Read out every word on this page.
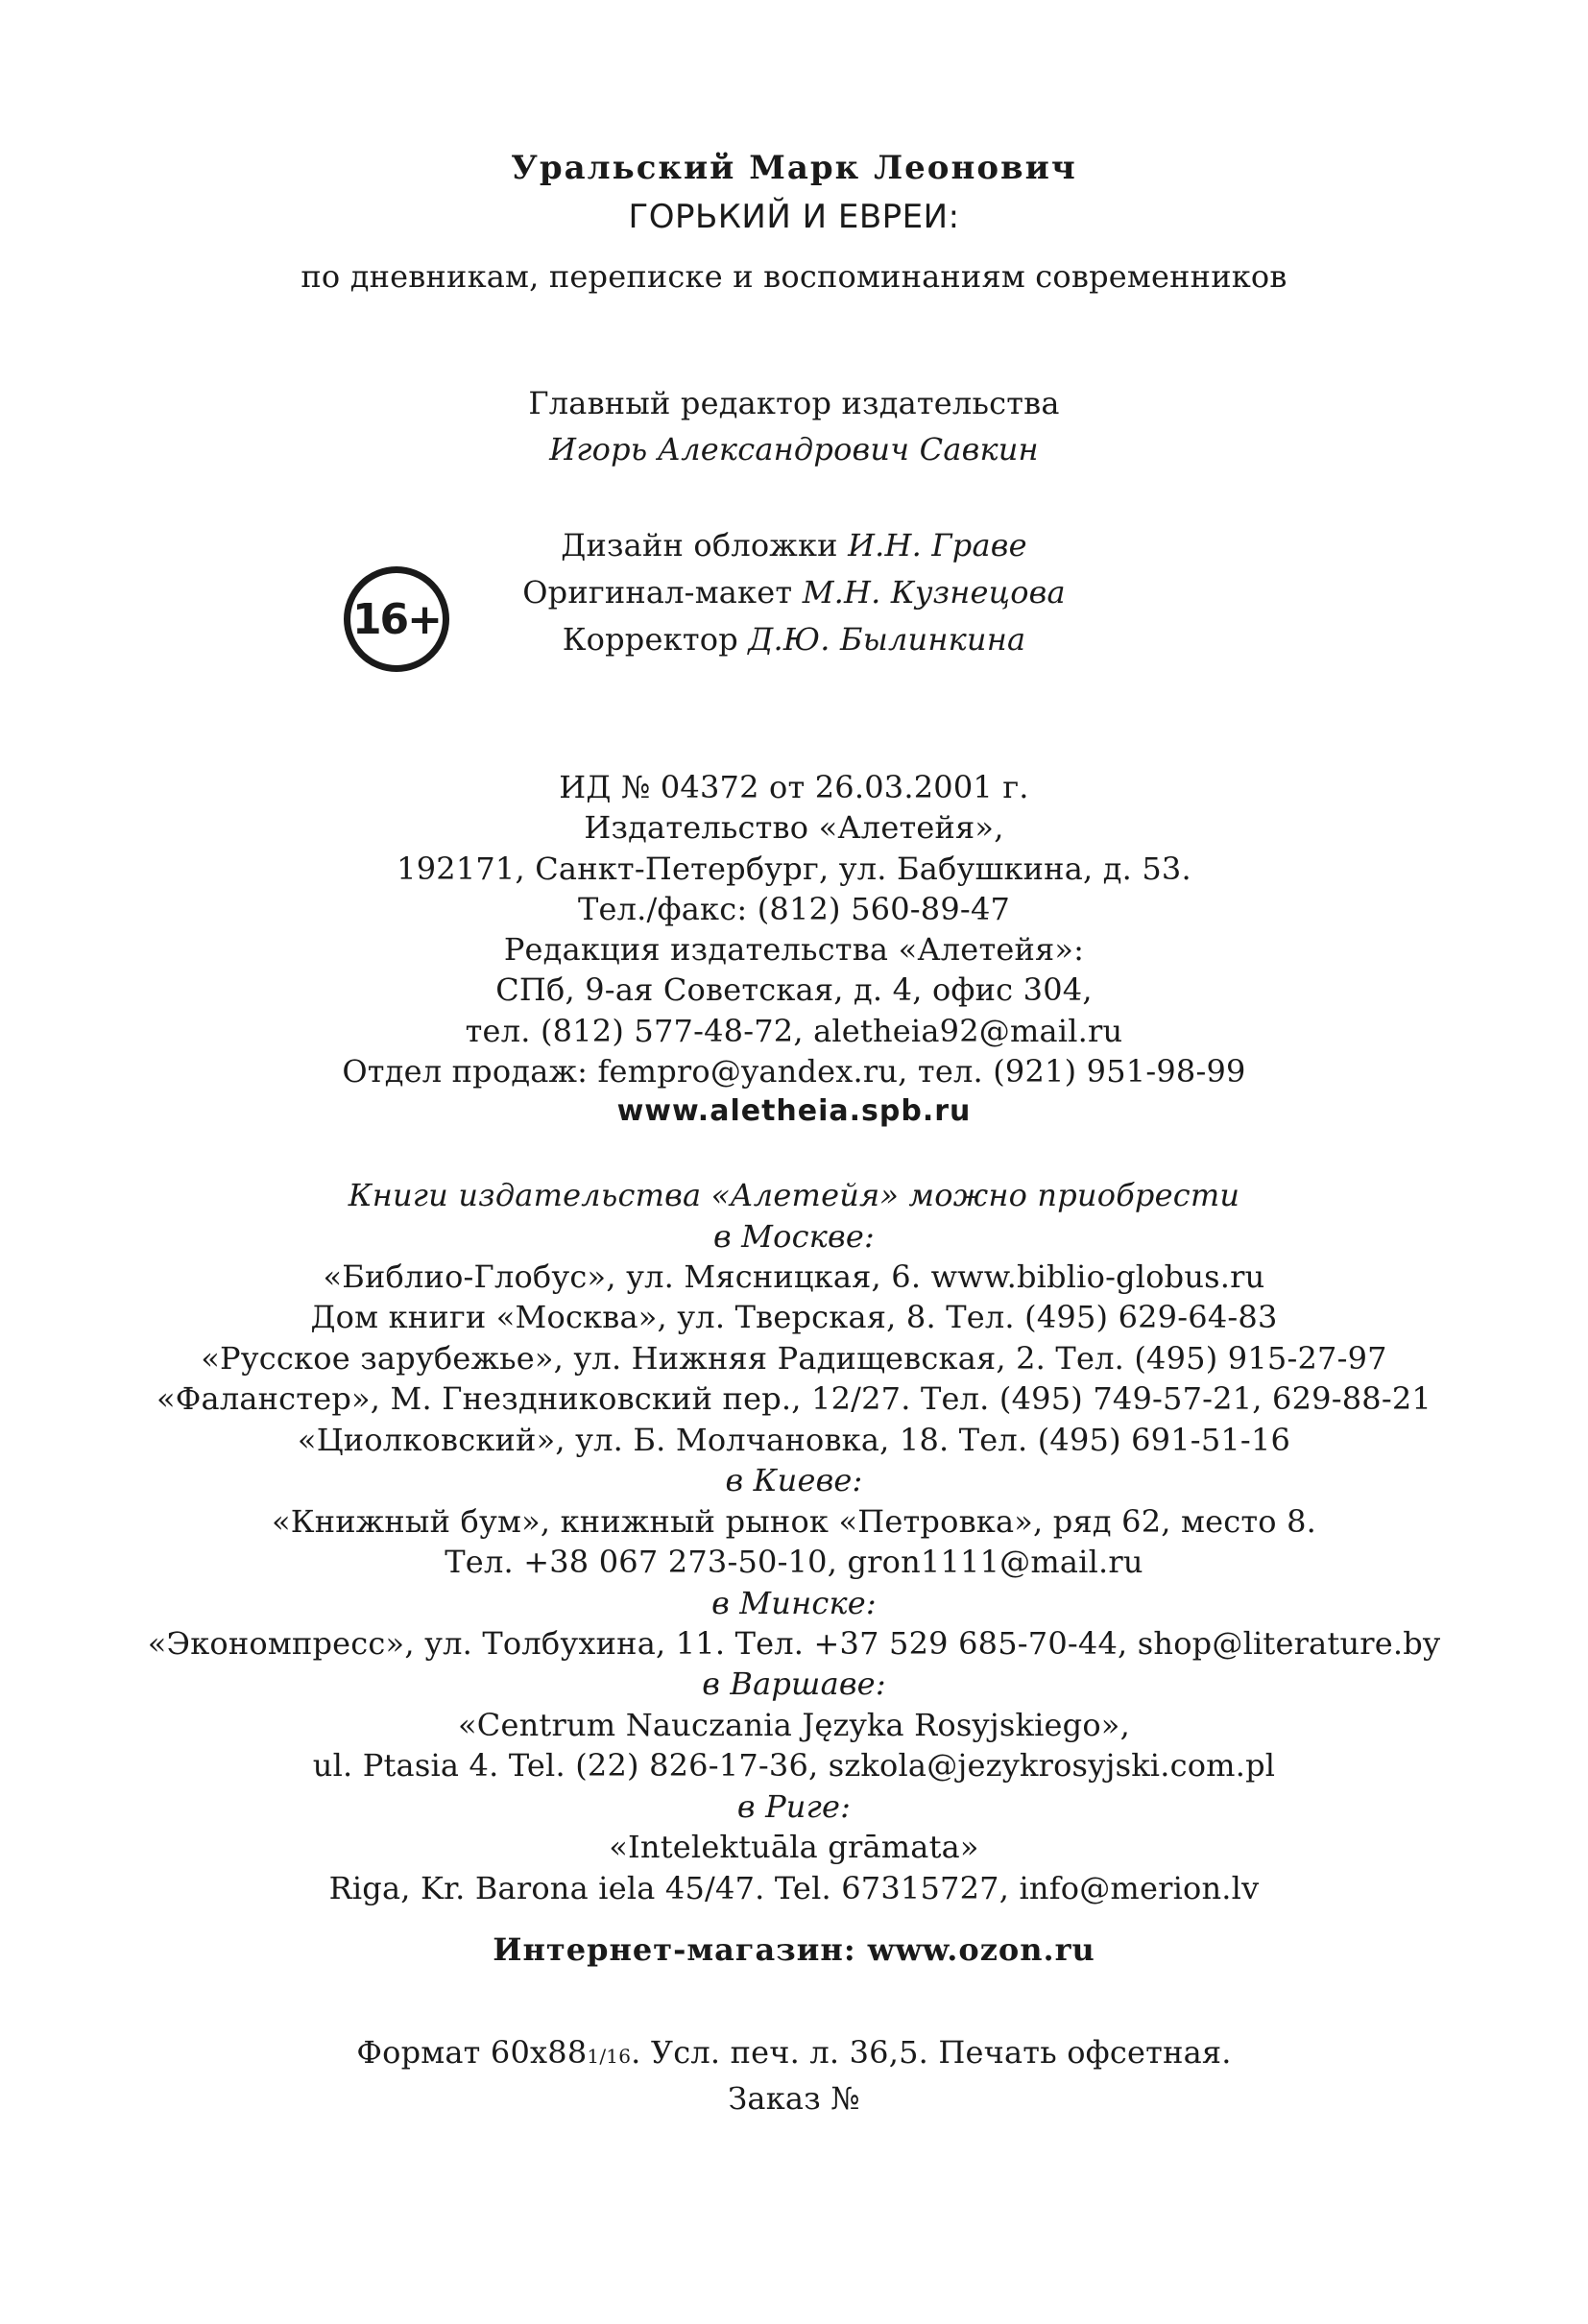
Уральский Марк Леонович
ГОРЬКИЙ И ЕВРЕИ:
по дневникам, переписке и воспоминаниям современников
Главный редактор издательства
Игорь Александрович Савкин
16+
Дизайн обложки И.Н. Граве
Оригинал-макет М.Н. Кузнецова
Корректор Д.Ю. Былинкина
ИД № 04372 от 26.03.2001 г.
Издательство «Алетейя»,
192171, Санкт-Петербург, ул. Бабушкина, д. 53.
Тел./факс: (812) 560-89-47
Редакция издательства «Алетейя»:
СПб, 9-ая Советская, д. 4, офис 304,
тел. (812) 577-48-72, aletheia92@mail.ru
Отдел продаж: fempro@yandex.ru, тел. (921) 951-98-99
www.aletheia.spb.ru
Книги издательства «Алетейя» можно приобрести
в Москве:
«Библио-Глобус», ул. Мясницкая, 6. www.biblio-globus.ru
Дом книги «Москва», ул. Тверская, 8. Тел. (495) 629-64-83
«Русское зарубежье», ул. Нижняя Радищевская, 2. Тел. (495) 915-27-97
«Фаланстер», М. Гнездниковский пер., 12/27. Тел. (495) 749-57-21, 629-88-21
«Циолковский», ул. Б. Молчановка, 18. Тел. (495) 691-51-16
в Киеве:
«Книжный бум», книжный рынок «Петровка», ряд 62, место 8.
Тел. +38 067 273-50-10, gron1111@mail.ru
в Минске:
«Экономпресс», ул. Толбухина, 11. Тел. +37 529 685-70-44, shop@literature.by
в Варшаве:
«Centrum Nauczania Języka Rosyjskiego»,
ul. Ptasia 4. Tel. (22) 826-17-36, szkola@jezykrosyjski.com.pl
в Риге:
«Intelektuāla grāmata»
Riga, Kr. Barona iela 45/47. Tel. 67315727, info@merion.lv
Интернет-магазин: www.ozon.ru
Формат 60х881/16. Усл. печ. л. 36,5. Печать офсетная.
Заказ №
